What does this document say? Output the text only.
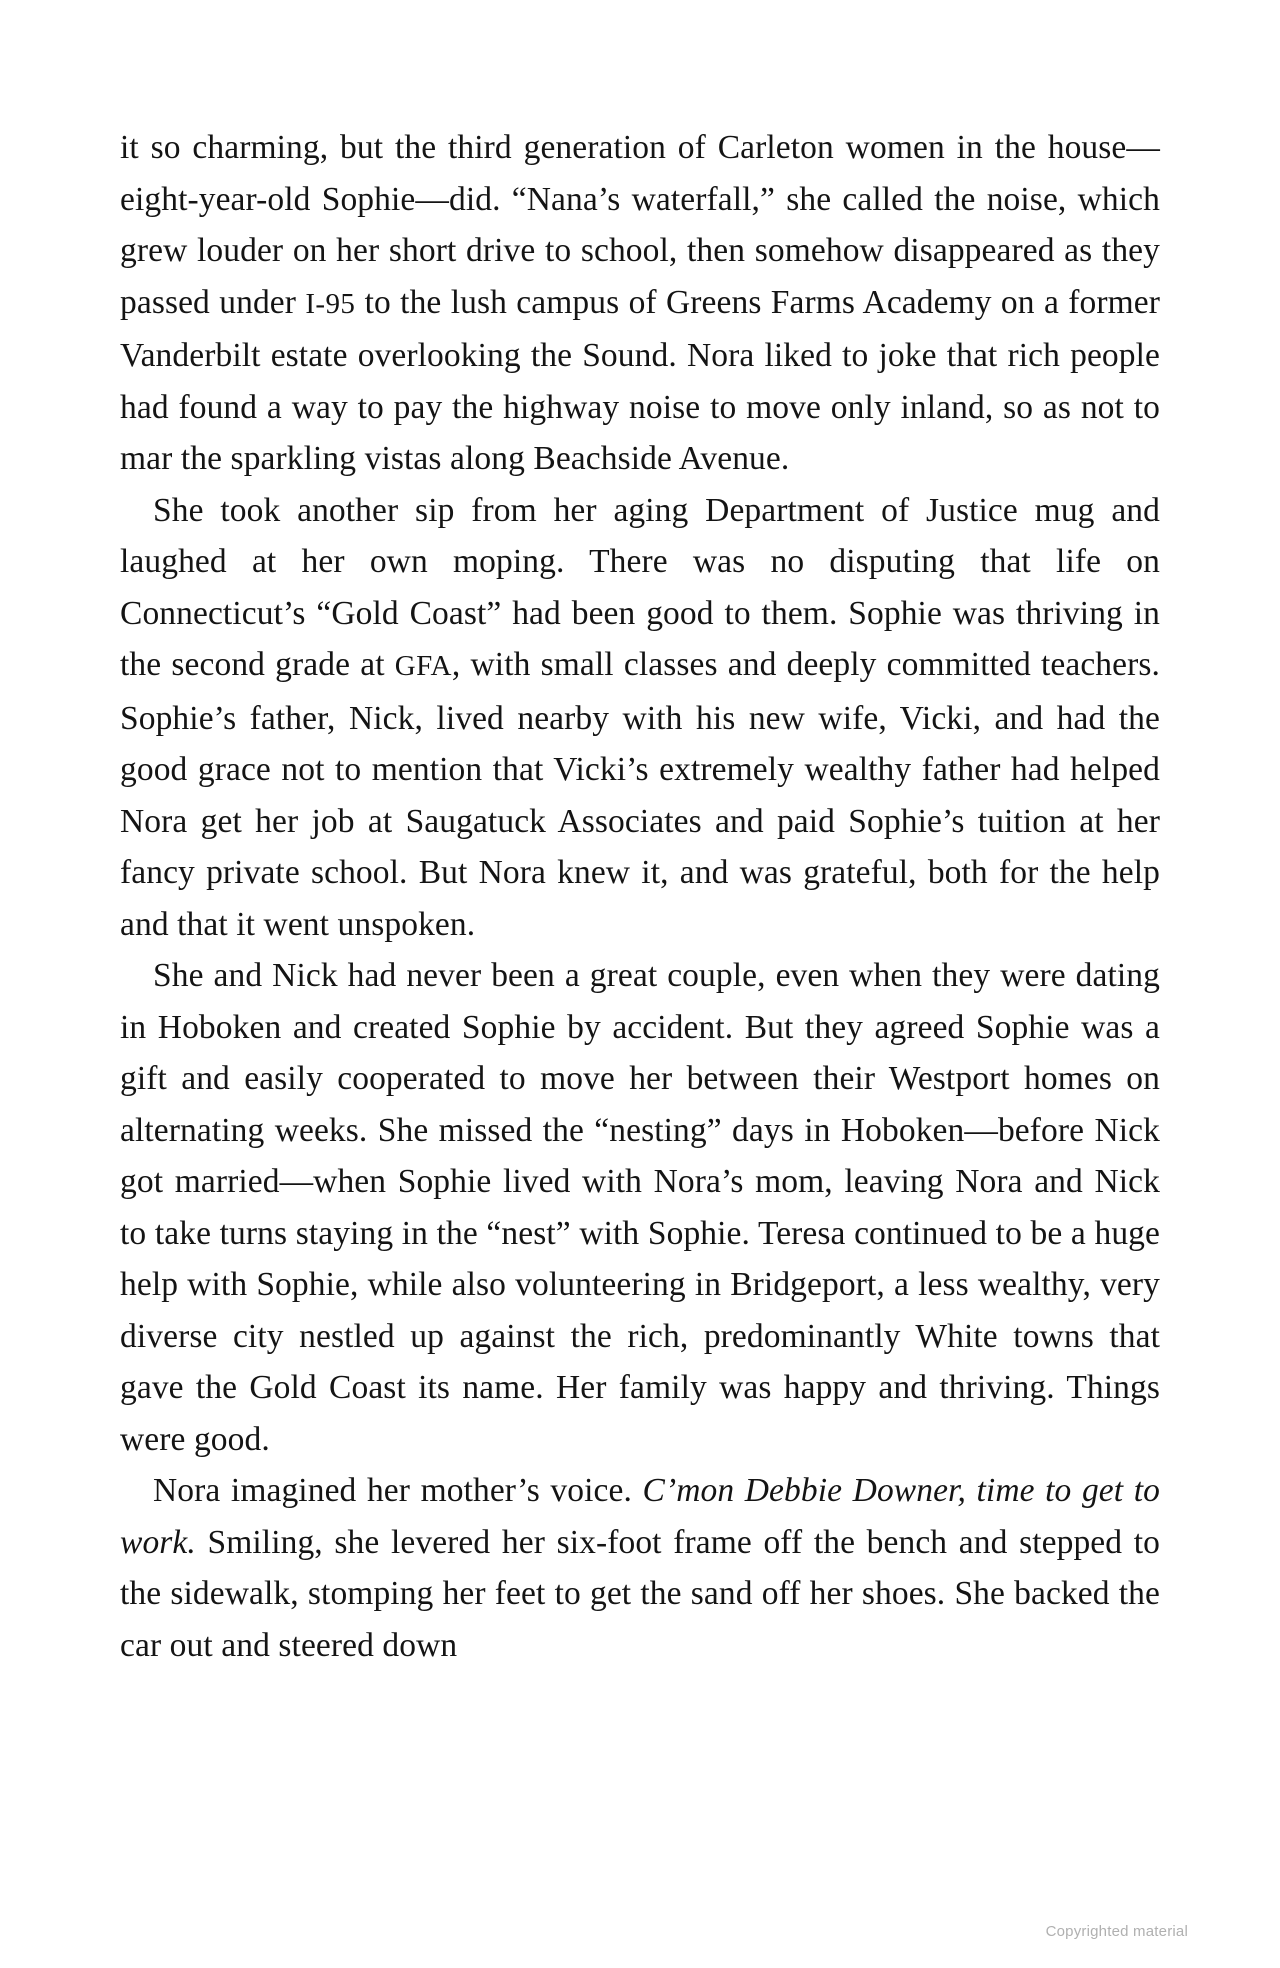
it so charming, but the third generation of Carleton women in the house—eight-year-old Sophie—did. “Nana’s waterfall,” she called the noise, which grew louder on her short drive to school, then somehow disappeared as they passed under I-95 to the lush campus of Greens Farms Academy on a former Vanderbilt estate overlooking the Sound. Nora liked to joke that rich people had found a way to pay the highway noise to move only inland, so as not to mar the sparkling vistas along Beachside Avenue.

She took another sip from her aging Department of Justice mug and laughed at her own moping. There was no disputing that life on Connecticut’s “Gold Coast” had been good to them. Sophie was thriving in the second grade at GFA, with small classes and deeply committed teachers. Sophie’s father, Nick, lived nearby with his new wife, Vicki, and had the good grace not to mention that Vicki’s extremely wealthy father had helped Nora get her job at Saugatuck Associates and paid Sophie’s tuition at her fancy private school. But Nora knew it, and was grateful, both for the help and that it went unspoken.

She and Nick had never been a great couple, even when they were dating in Hoboken and created Sophie by accident. But they agreed Sophie was a gift and easily cooperated to move her between their Westport homes on alternating weeks. She missed the “nesting” days in Hoboken—before Nick got married—when Sophie lived with Nora’s mom, leaving Nora and Nick to take turns staying in the “nest” with Sophie. Teresa continued to be a huge help with Sophie, while also volunteering in Bridgeport, a less wealthy, very diverse city nestled up against the rich, predominantly White towns that gave the Gold Coast its name. Her family was happy and thriving. Things were good.

Nora imagined her mother’s voice. C’mon Debbie Downer, time to get to work. Smiling, she levered her six-foot frame off the bench and stepped to the sidewalk, stomping her feet to get the sand off her shoes. She backed the car out and steered down

Copyrighted material
